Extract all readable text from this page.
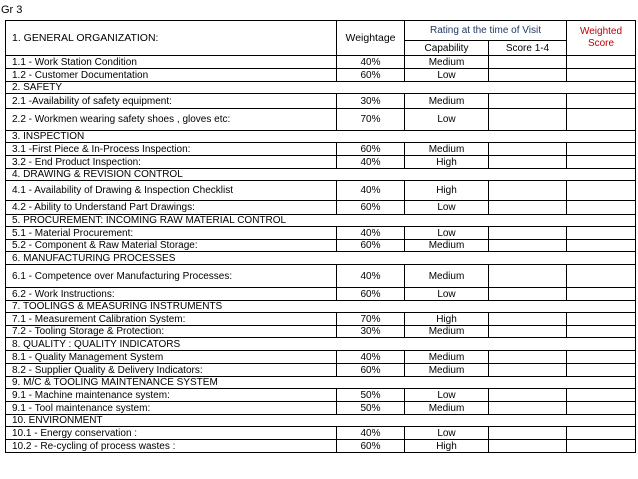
Gr 3
1. GENERAL ORGANIZATION:	Weightage	Rating at the time of Visit		Weighted Score
		Capability	Score 1-4	
1.1 - Work Station Condition	40%	Medium		
1.2 - Customer Documentation	60%	Low		
2. SAFETY				
2.1 -Availability of safety equipment:	30%	Medium		
2.2 - Workmen wearing safety shoes , gloves etc:	70%	Low		
3. INSPECTION				
3.1 -First Piece & In-Process Inspection:	60%	Medium		
3.2 - End Product Inspection:	40%	High		
4. DRAWING & REVISION CONTROL				
4.1 - Availability of Drawing & Inspection Checklist	40%	High		
4.2 - Ability to Understand Part Drawings:	60%	Low		
5. PROCUREMENT: INCOMING RAW MATERIAL CONTROL				
5.1 - Material Procurement:	40%	Low		
5.2 - Component & Raw Material Storage:	60%	Medium		
6. MANUFACTURING PROCESSES				
6.1 - Competence over Manufacturing Processes:	40%	Medium		
6.2 - Work Instructions:	60%	Low		
7. TOOLINGS & MEASURING INSTRUMENTS				
7.1 - Measurement Calibration System:	70%	High		
7.2 - Tooling Storage & Protection:	30%	Medium		
8. QUALITY : QUALITY INDICATORS				
8.1 - Quality Management System	40%	Medium		
8.2 - Supplier Quality & Delivery Indicators:	60%	Medium		
9. M/C & TOOLING MAINTENANCE SYSTEM				
9.1 - Machine maintenance system:	50%	Low		
9.1 - Tool maintenance system:	50%	Medium		
10. ENVIRONMENT				
10.1 - Energy conservation :	40%	Low		
10.2 - Re-cycling of process wastes :	60%	High		
